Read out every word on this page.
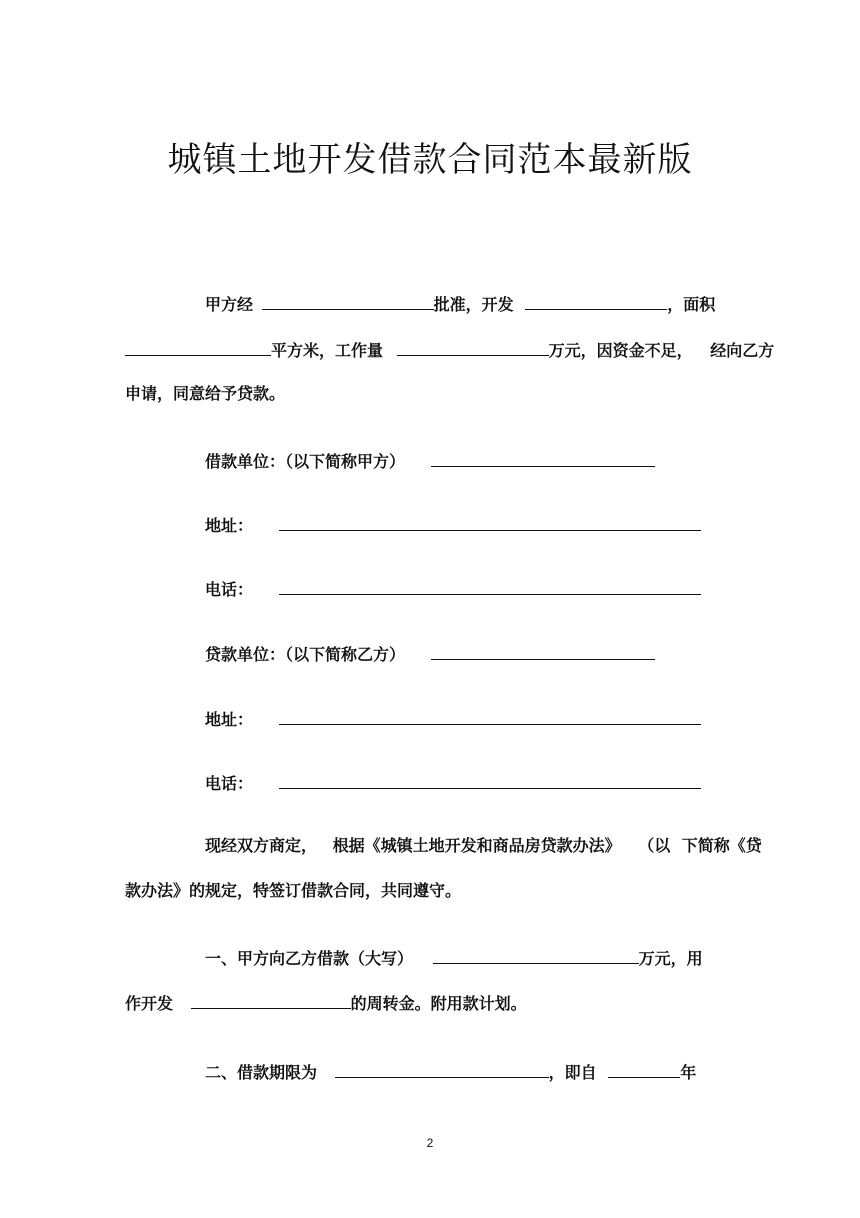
城镇土地开发借款合同范本最新版
甲方经	批准，开发	，面积
平方米，工作量	万元，因资金不足， 经向乙方
申请，同意给予贷款。
借款单位：（以下简称甲方）
地址：
电话：
贷款单位：（以下简称乙方）
地址：
电话：
现经双方商定， 根据《城镇土地开发和商品房贷款办法》 （以 下简称《贷
款办法》的规定，特签订借款合同，共同遵守。
一、甲方向乙方借款（大写）	万元，用
作开发	的周转金。附用款计划。
二、借款期限为	，即自	年
2
